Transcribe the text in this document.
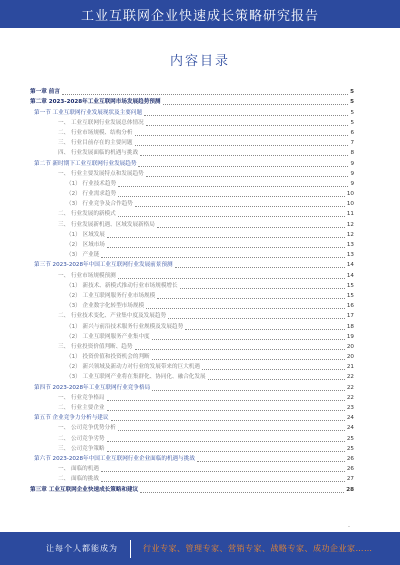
工业互联网企业快速成长策略研究报告
内容目录
第一章 前言	5
第二章 2023-2028年工业互联网市场发展趋势预测	5
第一节 工业互联网行业发展现状及主要问题	5
一、 工业互联网行业发展总体情况	5
二、 行业市场规模、结构分析	6
三、 行业目前存在的主要问题	7
四、 行业发展面临的机遇与挑战	8
第二节 新时期下工业互联网行业发展趋势	9
一、 行业主要发展特点和发展趋势	9
（1） 行业技术趋势	9
（2） 行业需求趋势	10
（3） 行业竞争及合作趋势	10
二、 行业发展的新模式	11
三、 行业发展新机遇、区域发展新格局	12
（1） 区域发展	12
（2） 区域市场	13
（3） 产业链	13
第三节 2023-2028年中国工业互联网行业发展前景预测	14
一、 行业市场规模预测	14
（1） 新技术、新模式推动行业市场规模增长	15
（2） 工业互联网服务行业市场规模	15
（3） 企业数字化转型市场规模	16
二、 行业技术变化、产业集中度及发展趋势	17
（1） 新兴与前沿技术服务行业规模及发展趋势	18
（2） 工业互联网服务产业集中度	19
三、 行业投资价值判断、趋势	20
（1） 投资价值和投资机会的判断	20
（2） 新兴领域及新动力对行业的发展带来的巨大机遇	21
（3） 工业互联网产业将在集群化、协同化、融合化发展	22
第四节 2023-2028年工业互联网行业竞争格局	22
一、 行业竞争格局	22
二、 行业主要企业	23
第五节 企业竞争力分析与建议	24
一、 公司竞争优势分析	24
二、 公司竞争劣势	25
三、 公司竞争策略	25
第六节 2023-2028年中国工业互联网行业企业面临的机遇与挑战	26
一、 面临的机遇	26
二、 面临的挑战	27
第三章 工业互联网企业快速成长策略和建议	28
-
让每个人都能成为	行业专家、管理专家、营销专家、战略专家、成功企业家……
